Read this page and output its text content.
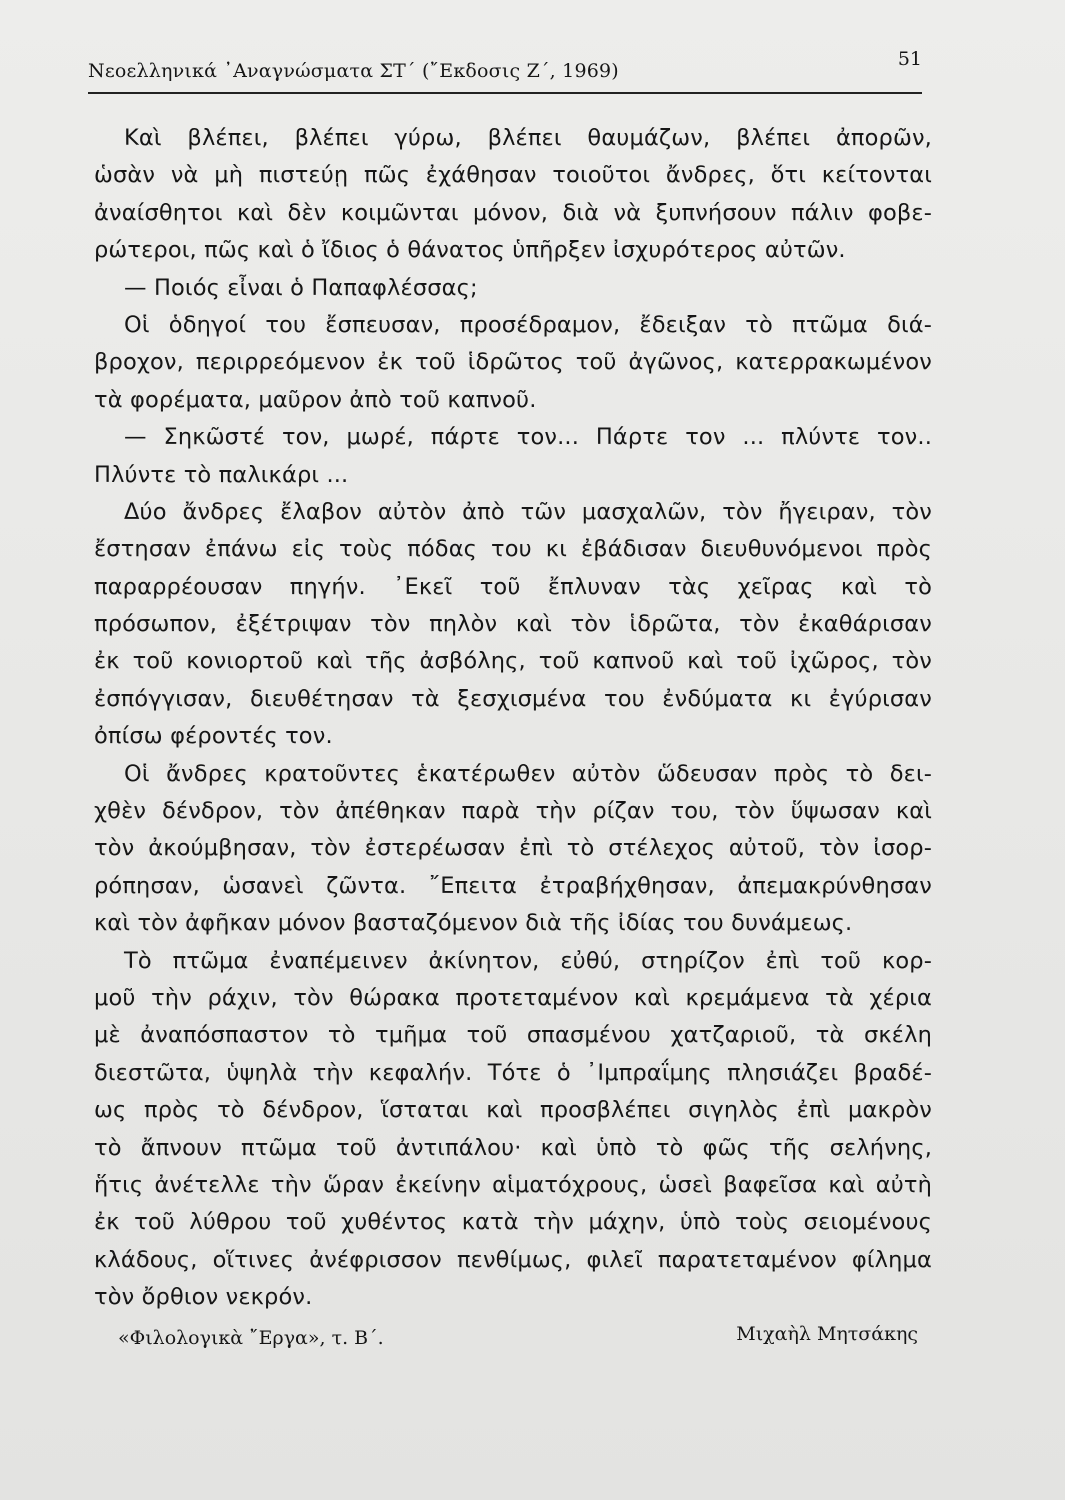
Νεοελληνικά ᾿Αναγνώσματα ΣΤ΄ (῎Εκδοσις Ζ΄, 1969)
51
Καὶ βλέπει, βλέπει γύρω, βλέπει θαυμάζων, βλέπει ἀπορῶν,
ὡσὰν νὰ μὴ πιστεύῃ πῶς ἐχάθησαν τοιοῦτοι ἄνδρες, ὅτι κείτονται
ἀναίσθητοι καὶ δὲν κοιμῶνται μόνον, διὰ νὰ ξυπνήσουν πάλιν φοβε-
ρώτεροι, πῶς καὶ ὁ ἴδιος ὁ θάνατος ὑπῆρξεν ἰσχυρότερος αὐτῶν.
— Ποιός εἶναι ὁ Παπαφλέσσας;
Οἱ ὁδηγοί του ἔσπευσαν, προσέδραμον, ἔδειξαν τὸ πτῶμα διά-
βροχον, περιρρεόμενον ἐκ τοῦ ἱδρῶτος τοῦ ἀγῶνος, κατερρακωμένον
τὰ φορέματα, μαῦρον ἀπὸ τοῦ καπνοῦ.
— Σηκῶστέ τον, μωρέ, πάρτε τον... Πάρτε τον ... πλύντε τον..
Πλύντε τὸ παλικάρι ...
Δύο ἄνδρες ἔλαβον αὐτὸν ἀπὸ τῶν μασχαλῶν, τὸν ἤγειραν, τὸν
ἔστησαν ἐπάνω εἰς τοὺς πόδας του κι ἐβάδισαν διευθυνόμενοι πρὸς
παραρρέουσαν πηγήν. ᾿Εκεῖ τοῦ ἔπλυναν τὰς χεῖρας καὶ τὸ
πρόσωπον, ἐξέτριψαν τὸν πηλὸν καὶ τὸν ἱδρῶτα, τὸν ἐκαθάρισαν
ἐκ τοῦ κονιορτοῦ καὶ τῆς ἀσβόλης, τοῦ καπνοῦ καὶ τοῦ ἰχῶρος, τὸν
ἐσπόγγισαν, διευθέτησαν τὰ ξεσχισμένα του ἐνδύματα κι ἐγύρισαν
ὀπίσω φέροντές τον.
Οἱ ἄνδρες κρατοῦντες ἑκατέρωθεν αὐτὸν ὥδευσαν πρὸς τὸ δει-
χθὲν δένδρον, τὸν ἀπέθηκαν παρὰ τὴν ρίζαν του, τὸν ὕψωσαν καὶ
τὸν ἀκούμβησαν, τὸν ἐστερέωσαν ἐπὶ τὸ στέλεχος αὐτοῦ, τὸν ἰσορ-
ρόπησαν, ὡσανεὶ ζῶντα. ῎Επειτα ἐτραβήχθησαν, ἀπεμακρύνθησαν
καὶ τὸν ἀφῆκαν μόνον βασταζόμενον διὰ τῆς ἰδίας του δυνάμεως.
Τὸ πτῶμα ἐναπέμεινεν ἀκίνητον, εὐθύ, στηρίζον ἐπὶ τοῦ κορ-
μοῦ τὴν ράχιν, τὸν θώρακα προτεταμένον καὶ κρεμάμενα τὰ χέρια
μὲ ἀναπόσπαστον τὸ τμῆμα τοῦ σπασμένου χατζαριοῦ, τὰ σκέλη
διεστῶτα, ὑψηλὰ τὴν κεφαλήν. Τότε ὁ ᾿Ιμπραΐμης πλησιάζει βραδέ-
ως πρὸς τὸ δένδρον, ἵσταται καὶ προσβλέπει σιγηλὸς ἐπὶ μακρὸν
τὸ ἄπνουν πτῶμα τοῦ ἀντιπάλου· καὶ ὑπὸ τὸ φῶς τῆς σελήνης,
ἥτις ἀνέτελλε τὴν ὥραν ἐκείνην αἱματόχρους, ὡσεὶ βαφεῖσα καὶ αὐτὴ
ἐκ τοῦ λύθρου τοῦ χυθέντος κατὰ τὴν μάχην, ὑπὸ τοὺς σειομένους
κλάδους, οἵτινες ἀνέφρισσον πενθίμως, φιλεῖ παρατεταμένον φίλημα
τὸν ὄρθιον νεκρόν.
«Φιλολογικὰ ῎Εργα», τ. Β΄.	Μιχαὴλ Μητσάκης
